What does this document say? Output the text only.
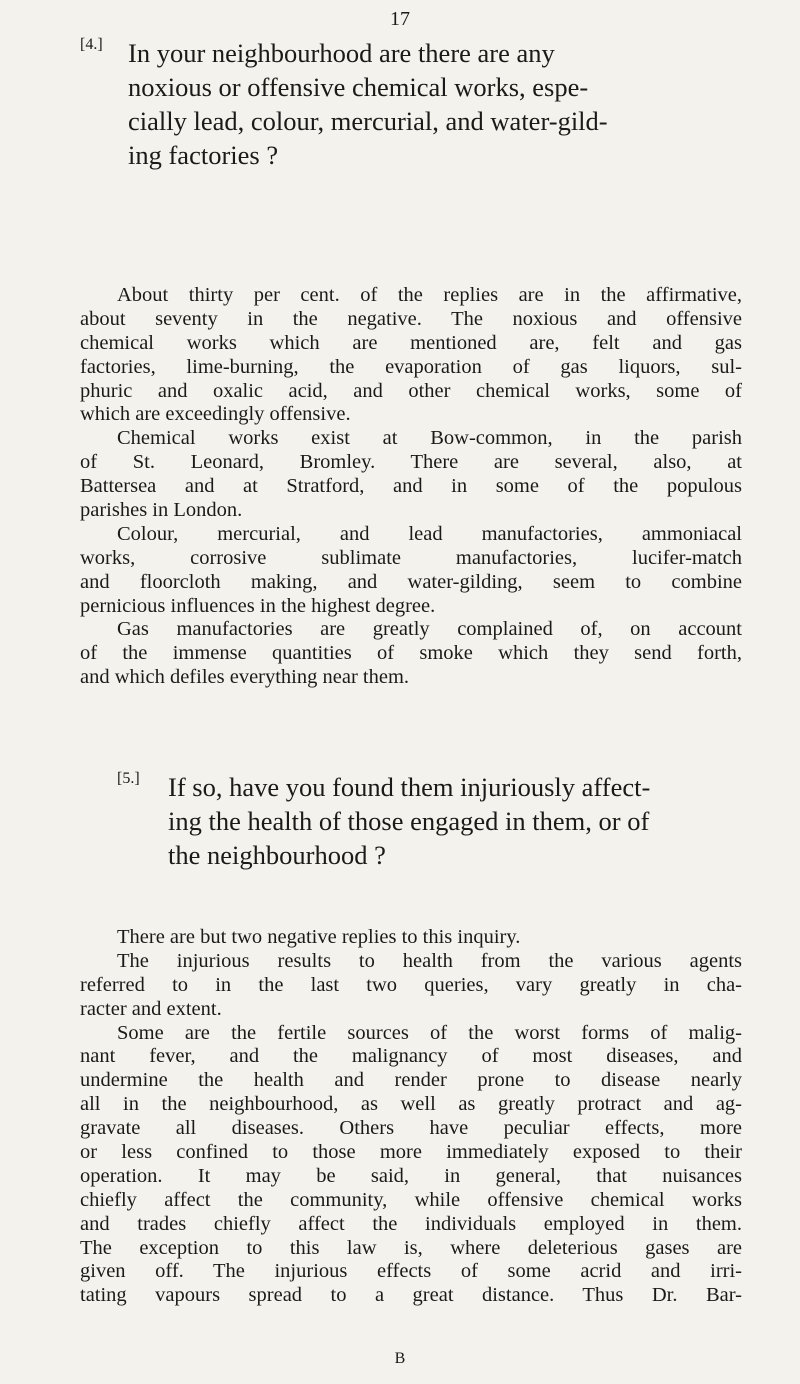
17
[4.] In your neighbourhood are there are any
noxious or offensive chemical works, espe-
cially lead, colour, mercurial, and water-gild-
ing factories ?
About thirty per cent. of the replies are in the affirmative,
about seventy in the negative. The noxious and offensive
chemical works which are mentioned are, felt and gas
factories, lime-burning, the evaporation of gas liquors, sul-
phuric and oxalic acid, and other chemical works, some of
which are exceedingly offensive.
Chemical works exist at Bow-common, in the parish
of St. Leonard, Bromley. There are several, also, at
Battersea and at Stratford, and in some of the populous
parishes in London.
Colour, mercurial, and lead manufactories, ammoniacal
works, corrosive sublimate manufactories, lucifer-match
and floorcloth making, and water-gilding, seem to combine
pernicious influences in the highest degree.
Gas manufactories are greatly complained of, on account
of the immense quantities of smoke which they send forth,
and which defiles everything near them.
[5.]	If so, have you found them injuriously affect-
ing the health of those engaged in them, or of
the neighbourhood ?
There are but two negative replies to this inquiry.
The injurious results to health from the various agents
referred to in the last two queries, vary greatly in cha-
racter and extent.
Some are the fertile sources of the worst forms of malig-
nant fever, and the malignancy of most diseases, and
undermine the health and render prone to disease nearly
all in the neighbourhood, as well as greatly protract and ag-
gravate all diseases. Others have peculiar effects, more
or less confined to those more immediately exposed to their
operation. It may be said, in general, that nuisances
chiefly affect the community, while offensive chemical works
and trades chiefly affect the individuals employed in them.
The exception to this law is, where deleterious gases are
given off. The injurious effects of some acrid and irri-
tating vapours spread to a great distance. Thus Dr. Bar-
B
